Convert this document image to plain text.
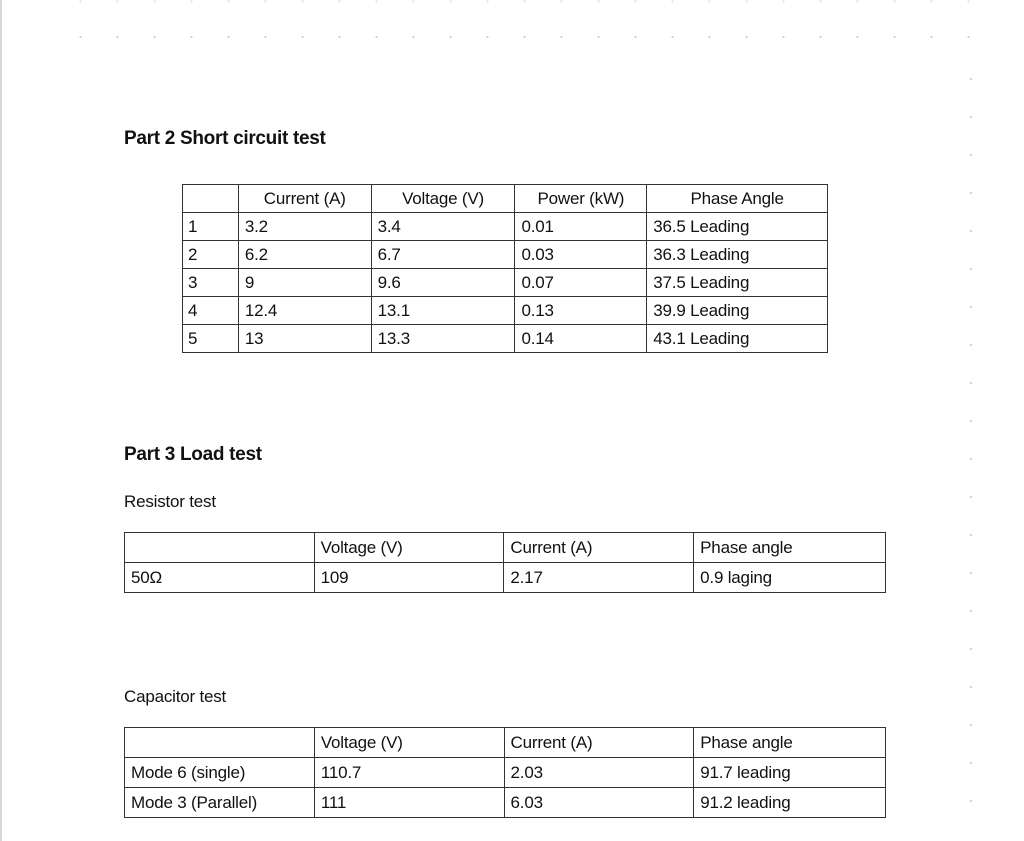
Part 2 Short circuit test
	Current (A)	Voltage (V)	Power (kW)	Phase Angle
1	3.2	3.4	0.01	36.5 Leading
2	6.2	6.7	0.03	36.3 Leading
3	9	9.6	0.07	37.5 Leading
4	12.4	13.1	0.13	39.9 Leading
5	13	13.3	0.14	43.1 Leading
Part 3 Load test
Resistor test
	Voltage (V)	Current (A)	Phase angle
50Ω	109	2.17	0.9 laging
Capacitor test
	Voltage (V)	Current (A)	Phase angle
Mode 6 (single)	110.7	2.03	91.7 leading
Mode 3 (Parallel)	111	6.03	91.2 leading
